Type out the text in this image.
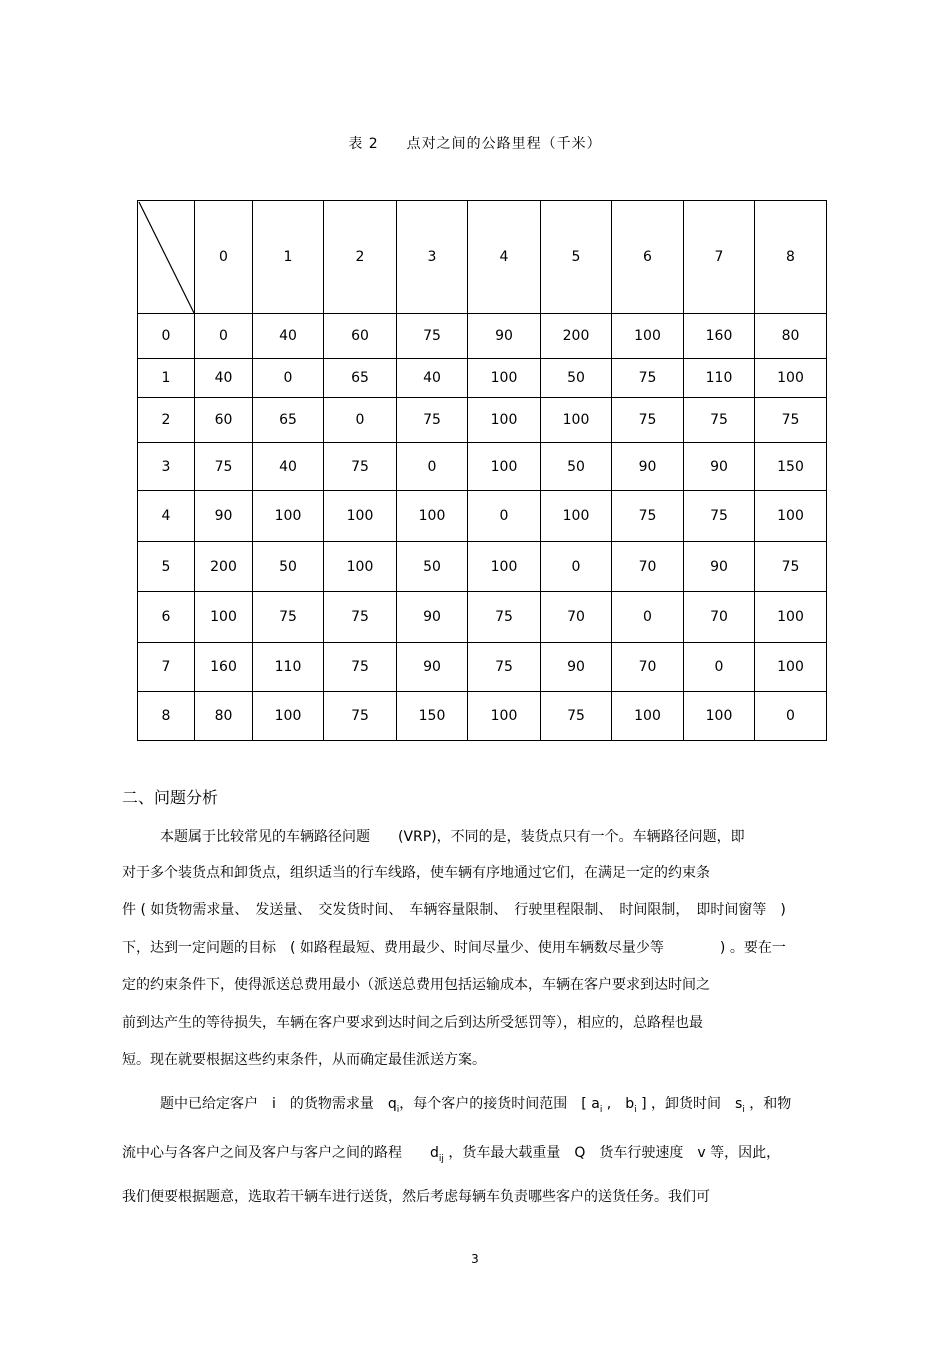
表 2 点对之间的公路里程（千米）
	0	1	2	3	4	5	6	7	8
0	0	40	60	75	90	200	100	160	80
1	40	0	65	40	100	50	75	110	100
2	60	65	0	75	100	100	75	75	75
3	75	40	75	0	100	50	90	90	150
4	90	100	100	100	0	100	75	75	100
5	200	50	100	50	100	0	70	90	75
6	100	75	75	90	75	70	0	70	100
7	160	110	75	90	75	90	70	0	100
8	80	100	75	150	100	75	100	100	0
二、问题分析
本题属于比较常见的车辆路径问题　　(VRP)，不同的是，装货点只有一个。车辆路径问题，即
对于多个装货点和卸货点，组织适当的行车线路，使车辆有序地通过它们，在满足一定的约束条
件 ( 如货物需求量、　发送量、　交发货时间、　车辆容量限制、　行驶里程限制、　时间限制，　即时间窗等　)
下，达到一定问题的目标　( 如路程最短、费用最少、时间尽量少、使用车辆数尽量少等　　　　) 。要在一
定的约束条件下，使得派送总费用最小（派送总费用包括运输成本，车辆在客户要求到达时间之
前到达产生的等待损失，车辆在客户要求到达时间之后到达所受惩罚等），相应的，总路程也最
短。现在就要根据这些约束条件，从而确定最佳派送方案。
题中已给定客户　i　的货物需求量　$q_i$，每个客户的接货时间范围　[ $a_i$ ,　$b_i$ ] ，卸货时间　$s_i$ ，和物
流中心与各客户之间及客户与客户之间的路程　　$d_{ij}$ ，货车最大载重量　Q　货车行驶速度　v 等，因此，
我们便要根据题意，选取若干辆车进行送货，然后考虑每辆车负责哪些客户的送货任务。我们可
3
